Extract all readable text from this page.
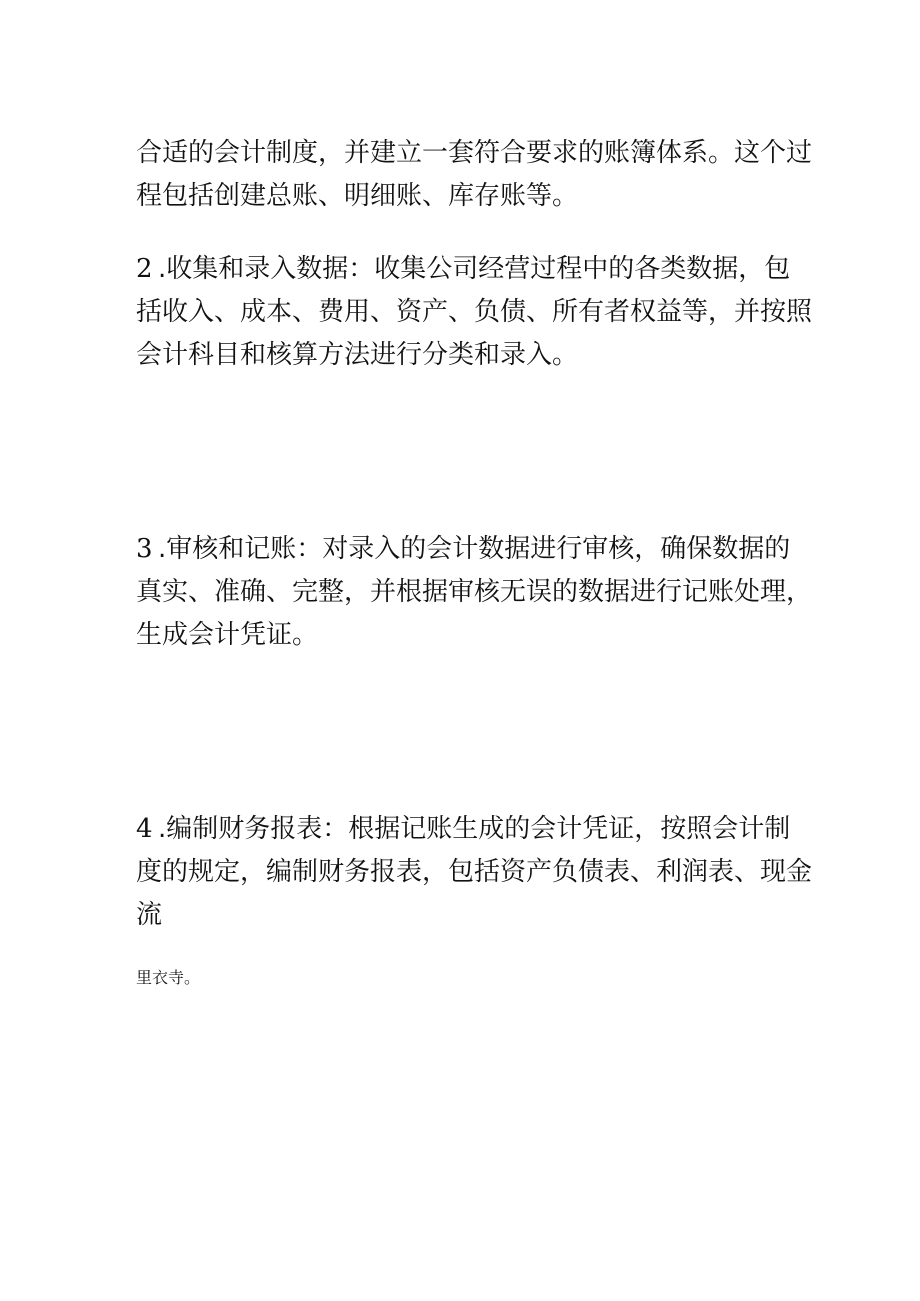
合适的会计制度，并建立一套符合要求的账簿体系。这个过
程包括创建总账、明细账、库存账等。

2 .收集和录入数据：收集公司经营过程中的各类数据，包
括收入、成本、费用、资产、负债、所有者权益等，并按照
会计科目和核算方法进行分类和录入。

3 .审核和记账：对录入的会计数据进行审核，确保数据的
真实、准确、完整，并根据审核无误的数据进行记账处理，
生成会计凭证。

4 .编制财务报表：根据记账生成的会计凭证，按照会计制
度的规定，编制财务报表，包括资产负债表、利润表、现金
流

里衣寺。
